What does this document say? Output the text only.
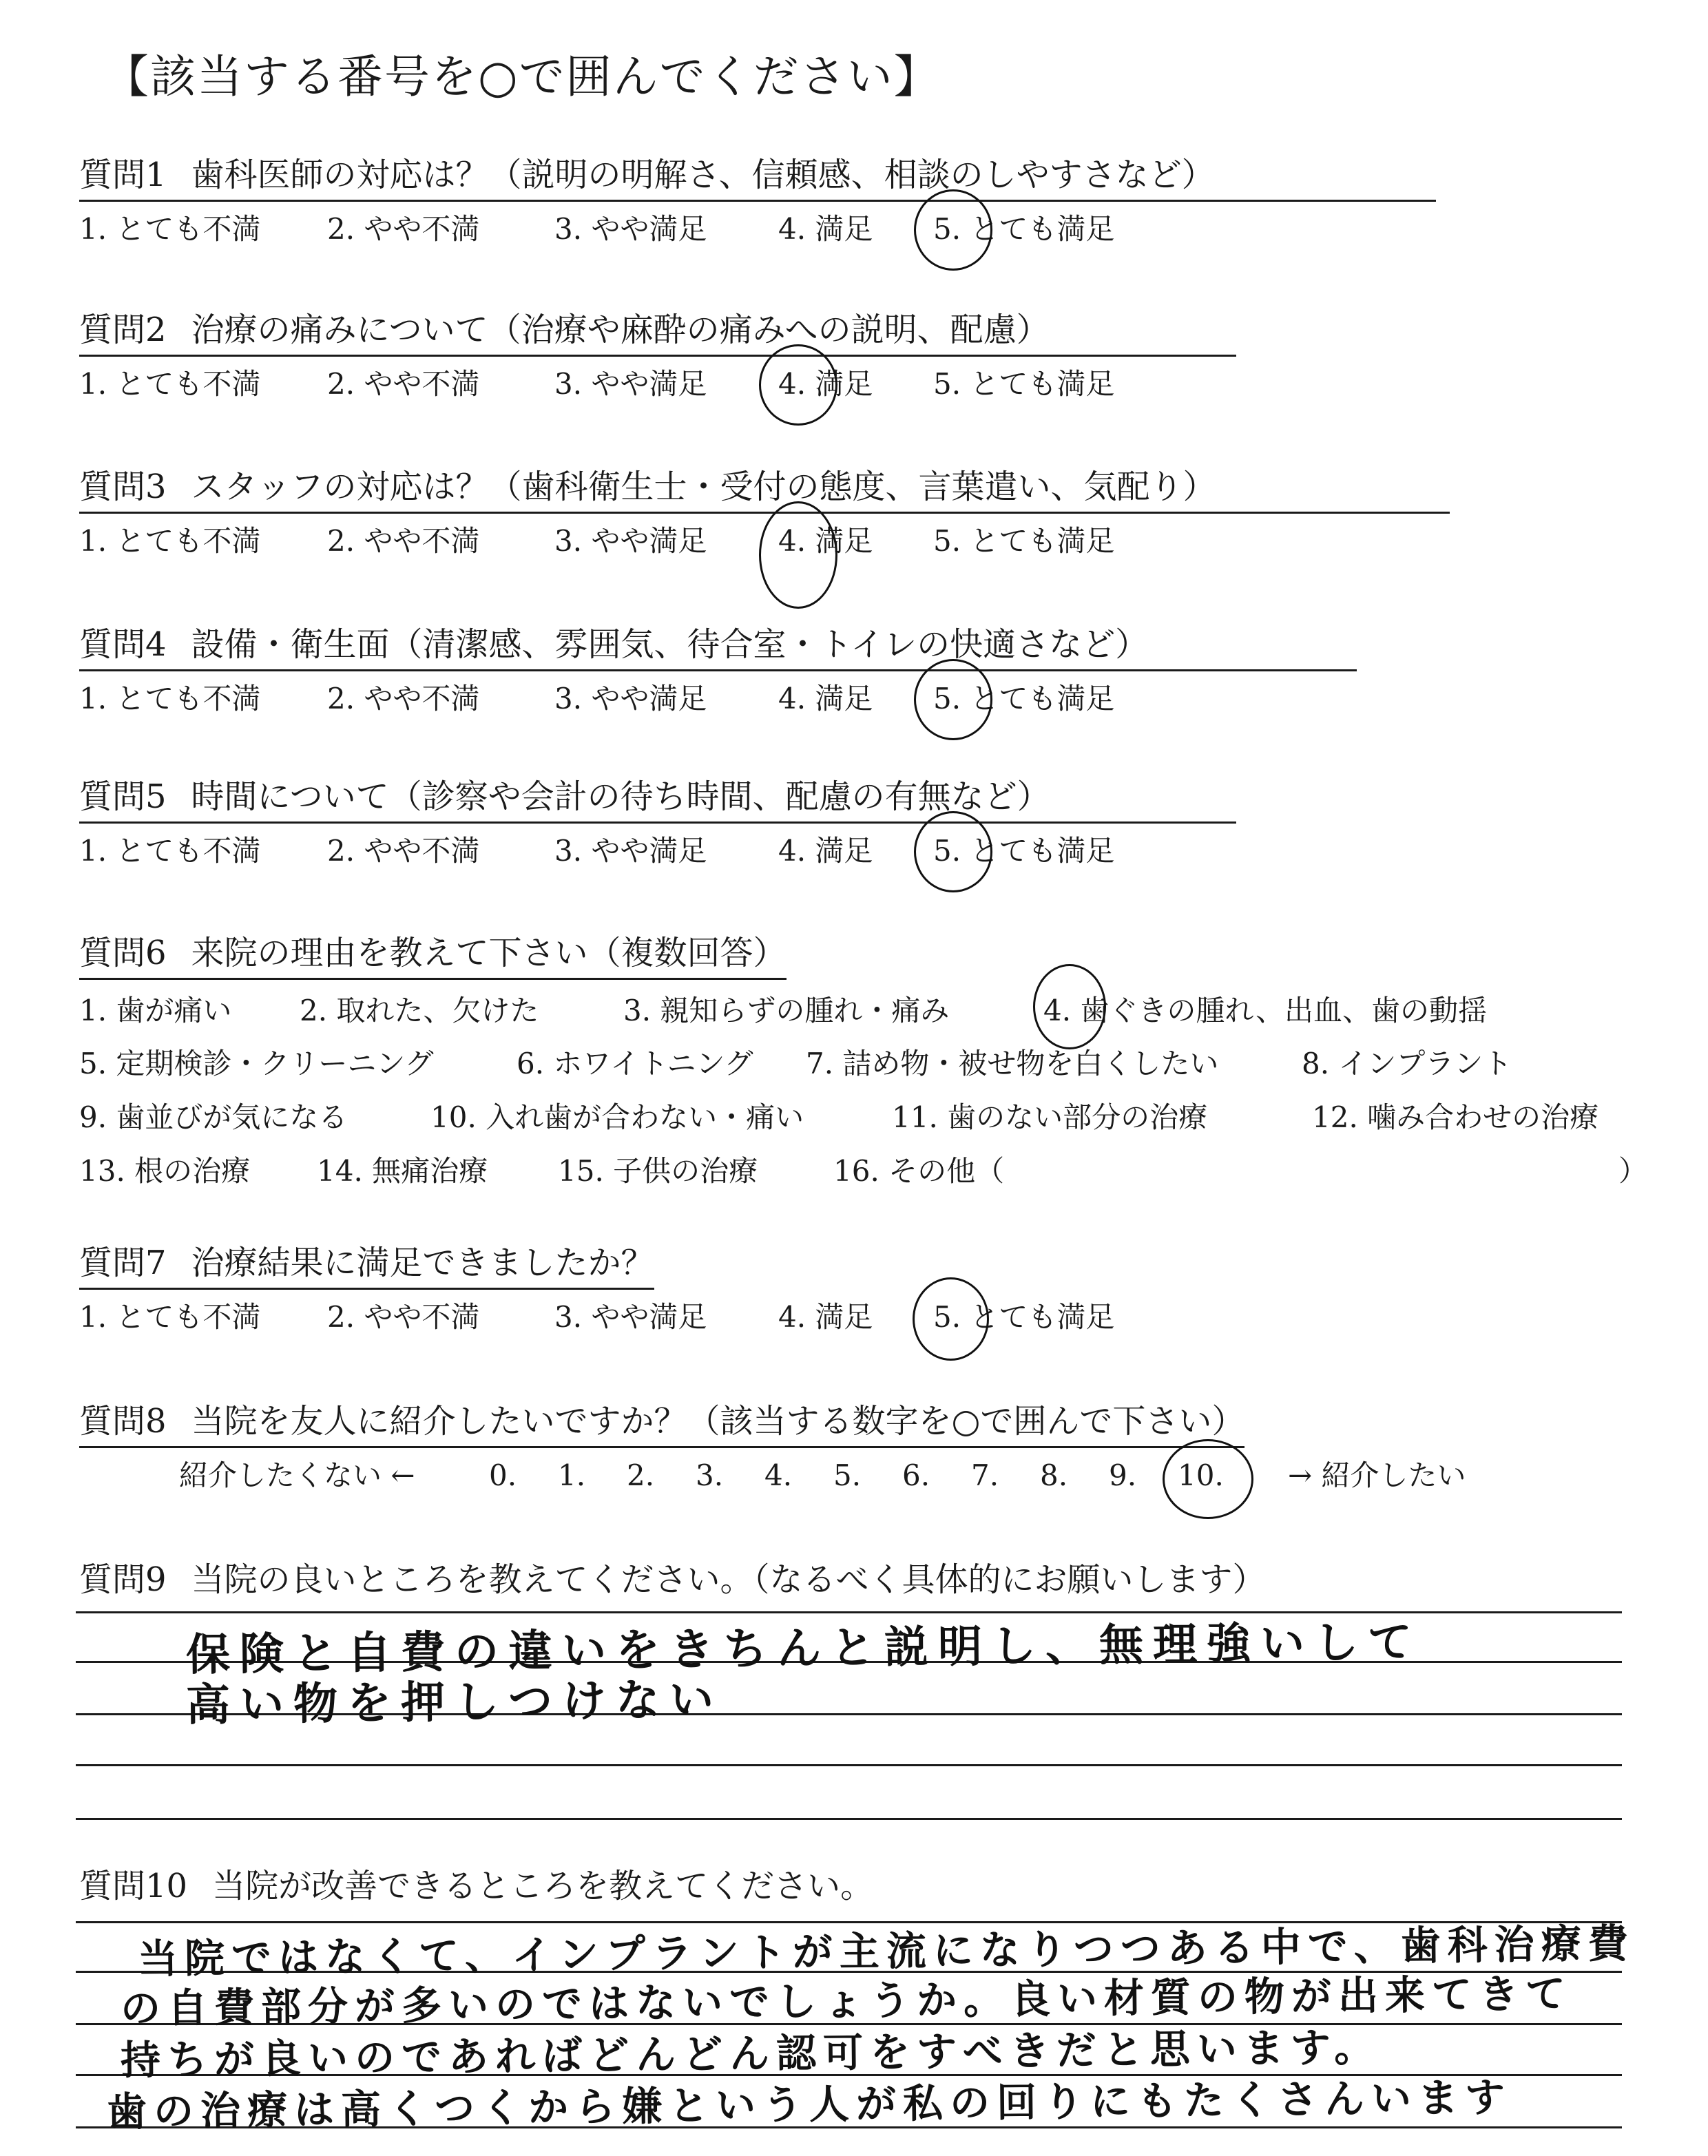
【該当する番号を○で囲んでください】
質問1 歯科医師の対応は？（説明の明解さ、信頼感、相談のしやすさなど）
1. とても不満 2. やや不満	3. やや満足 4. 満足 5. とても満足
質問2 治療の痛みについて（治療や麻酔の痛みへの説明、配慮）
1. とても不満 2. やや不満	3. やや満足 4. 満足 5. とても満足
質問3 スタッフの対応は？（歯科衛生士・受付の態度、言葉遣い、気配り）
1. とても不満 2. やや不満	3. やや満足 4. 満足 5. とても満足
質問4 設備・衛生面（清潔感、雰囲気、待合室・トイレの快適さなど）
1. とても不満 2. やや不満	3. やや満足 4. 満足 5. とても満足
質問5 時間について（診察や会計の待ち時間、配慮の有無など）
1. とても不満 2. やや不満	3. やや満足 4. 満足 5. とても満足
質問6 来院の理由を教えて下さい（複数回答）
1. 歯が痛い 2. 取れた、欠けた	3. 親知らずの腫れ・痛み	4. 歯ぐきの腫れ、出血、歯の動揺
5. 定期検診・クリーニング	6. ホワイトニング 7. 詰め物・被せ物を白くしたい	8. インプラント
9. 歯並びが気になる	10. 入れ歯が合わない・痛い	11. 歯のない部分の治療	12. 噛み合わせの治療
13. 根の治療 14. 無痛治療 15. 子供の治療	16. その他（	）
質問7 治療結果に満足できましたか？
1. とても不満 2. やや不満	3. やや満足 4. 満足 5. とても満足
質問8 当院を友人に紹介したいですか？（該当する数字を○で囲んで下さい）
紹介したくない ←	0. 1. 2. 3. 4. 5. 6. 7. 8. 9. 10. → 紹介したい
質問9 当院の良いところを教えてください。（なるべく具体的にお願いします）
保険と自費の違いをきちんと説明し、無理強いして
高い物を押しつけない
質問10 当院が改善できるところを教えてください。
当院ではなくて、インプラントが主流になりつつある中で、歯科治療費
の自費部分が多いのではないでしょうか。良い材質の物が出来てきて
持ちが良いのであればどんどん認可をすべきだと思います。
歯の治療は高くつくから嫌という人が私の回りにもたくさんいます
